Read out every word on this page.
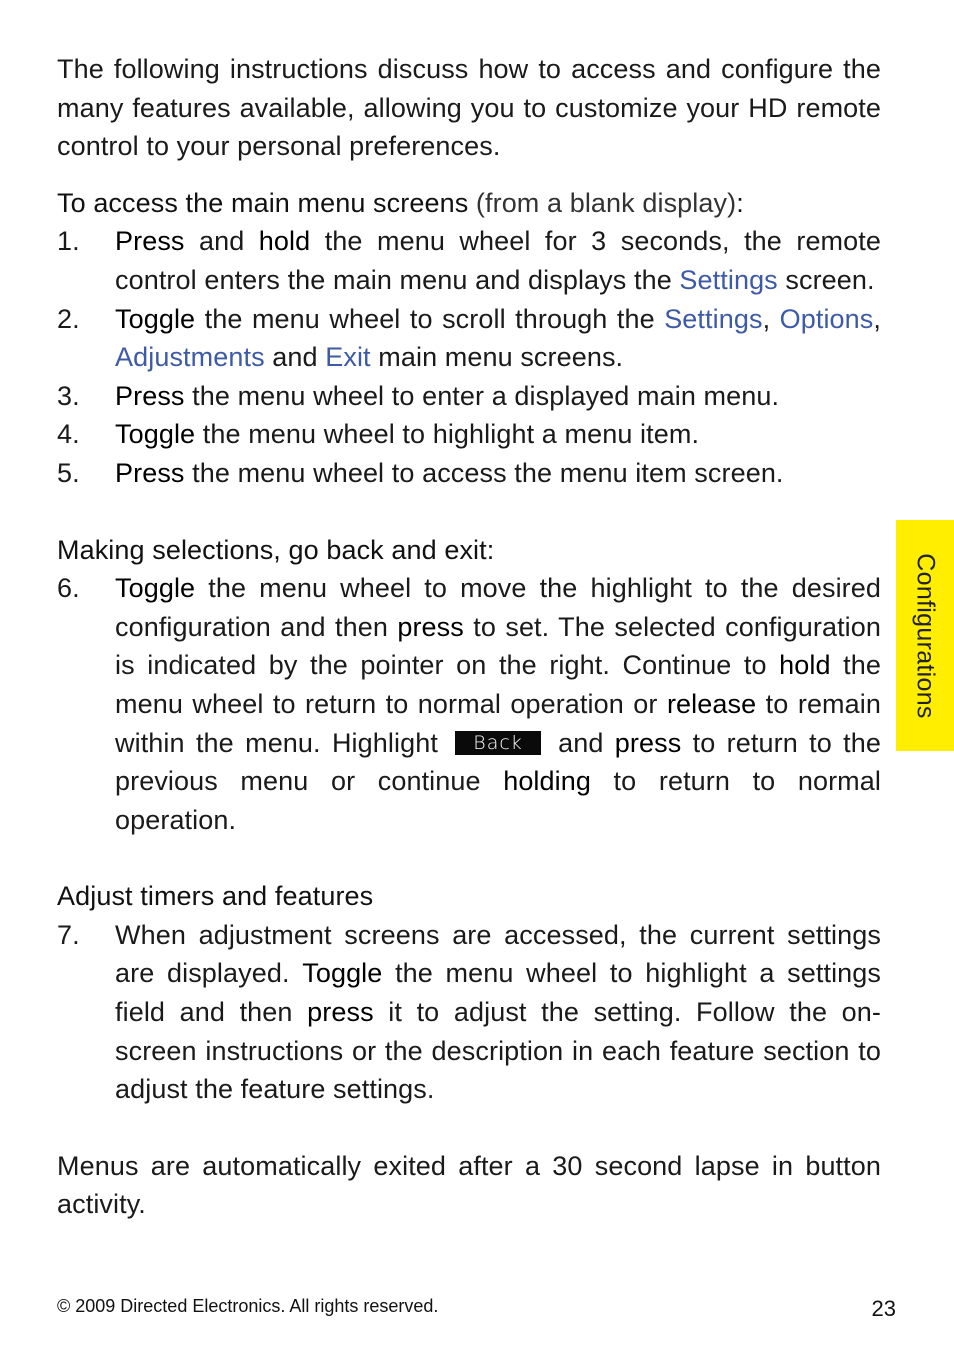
The following instructions discuss how to access and configure the many features available, allowing you to customize your HD remote control to your personal preferences.

To access the main menu screens (from a blank display):

1.	Press and hold the menu wheel for 3 seconds, the remote control enters the main menu and displays the Settings screen.
2.	Toggle the menu wheel to scroll through the Settings, Options, Adjustments and Exit main menu screens.
3.	Press the menu wheel to enter a displayed main menu.
4.	Toggle the menu wheel to highlight a menu item.
5.	Press the menu wheel to access the menu item screen.

Making selections, go back and exit:

6.	Toggle the menu wheel to move the highlight to the desired configuration and then press to set. The selected configuration is indicated by the pointer on the right. Continue to hold the menu wheel to return to normal operation or release to remain within the menu. Highlight Back and press to return to the previous menu or continue holding to return to normal operation.

Adjust timers and features

7.	When adjustment screens are accessed, the current settings are displayed. Toggle the menu wheel to highlight a settings field and then press it to adjust the setting. Follow the on-screen instructions or the description in each feature section to adjust the feature settings.

Menus are automatically exited after a 30 second lapse in button activity.

Configurations
© 2009 Directed Electronics. All rights reserved.	23
